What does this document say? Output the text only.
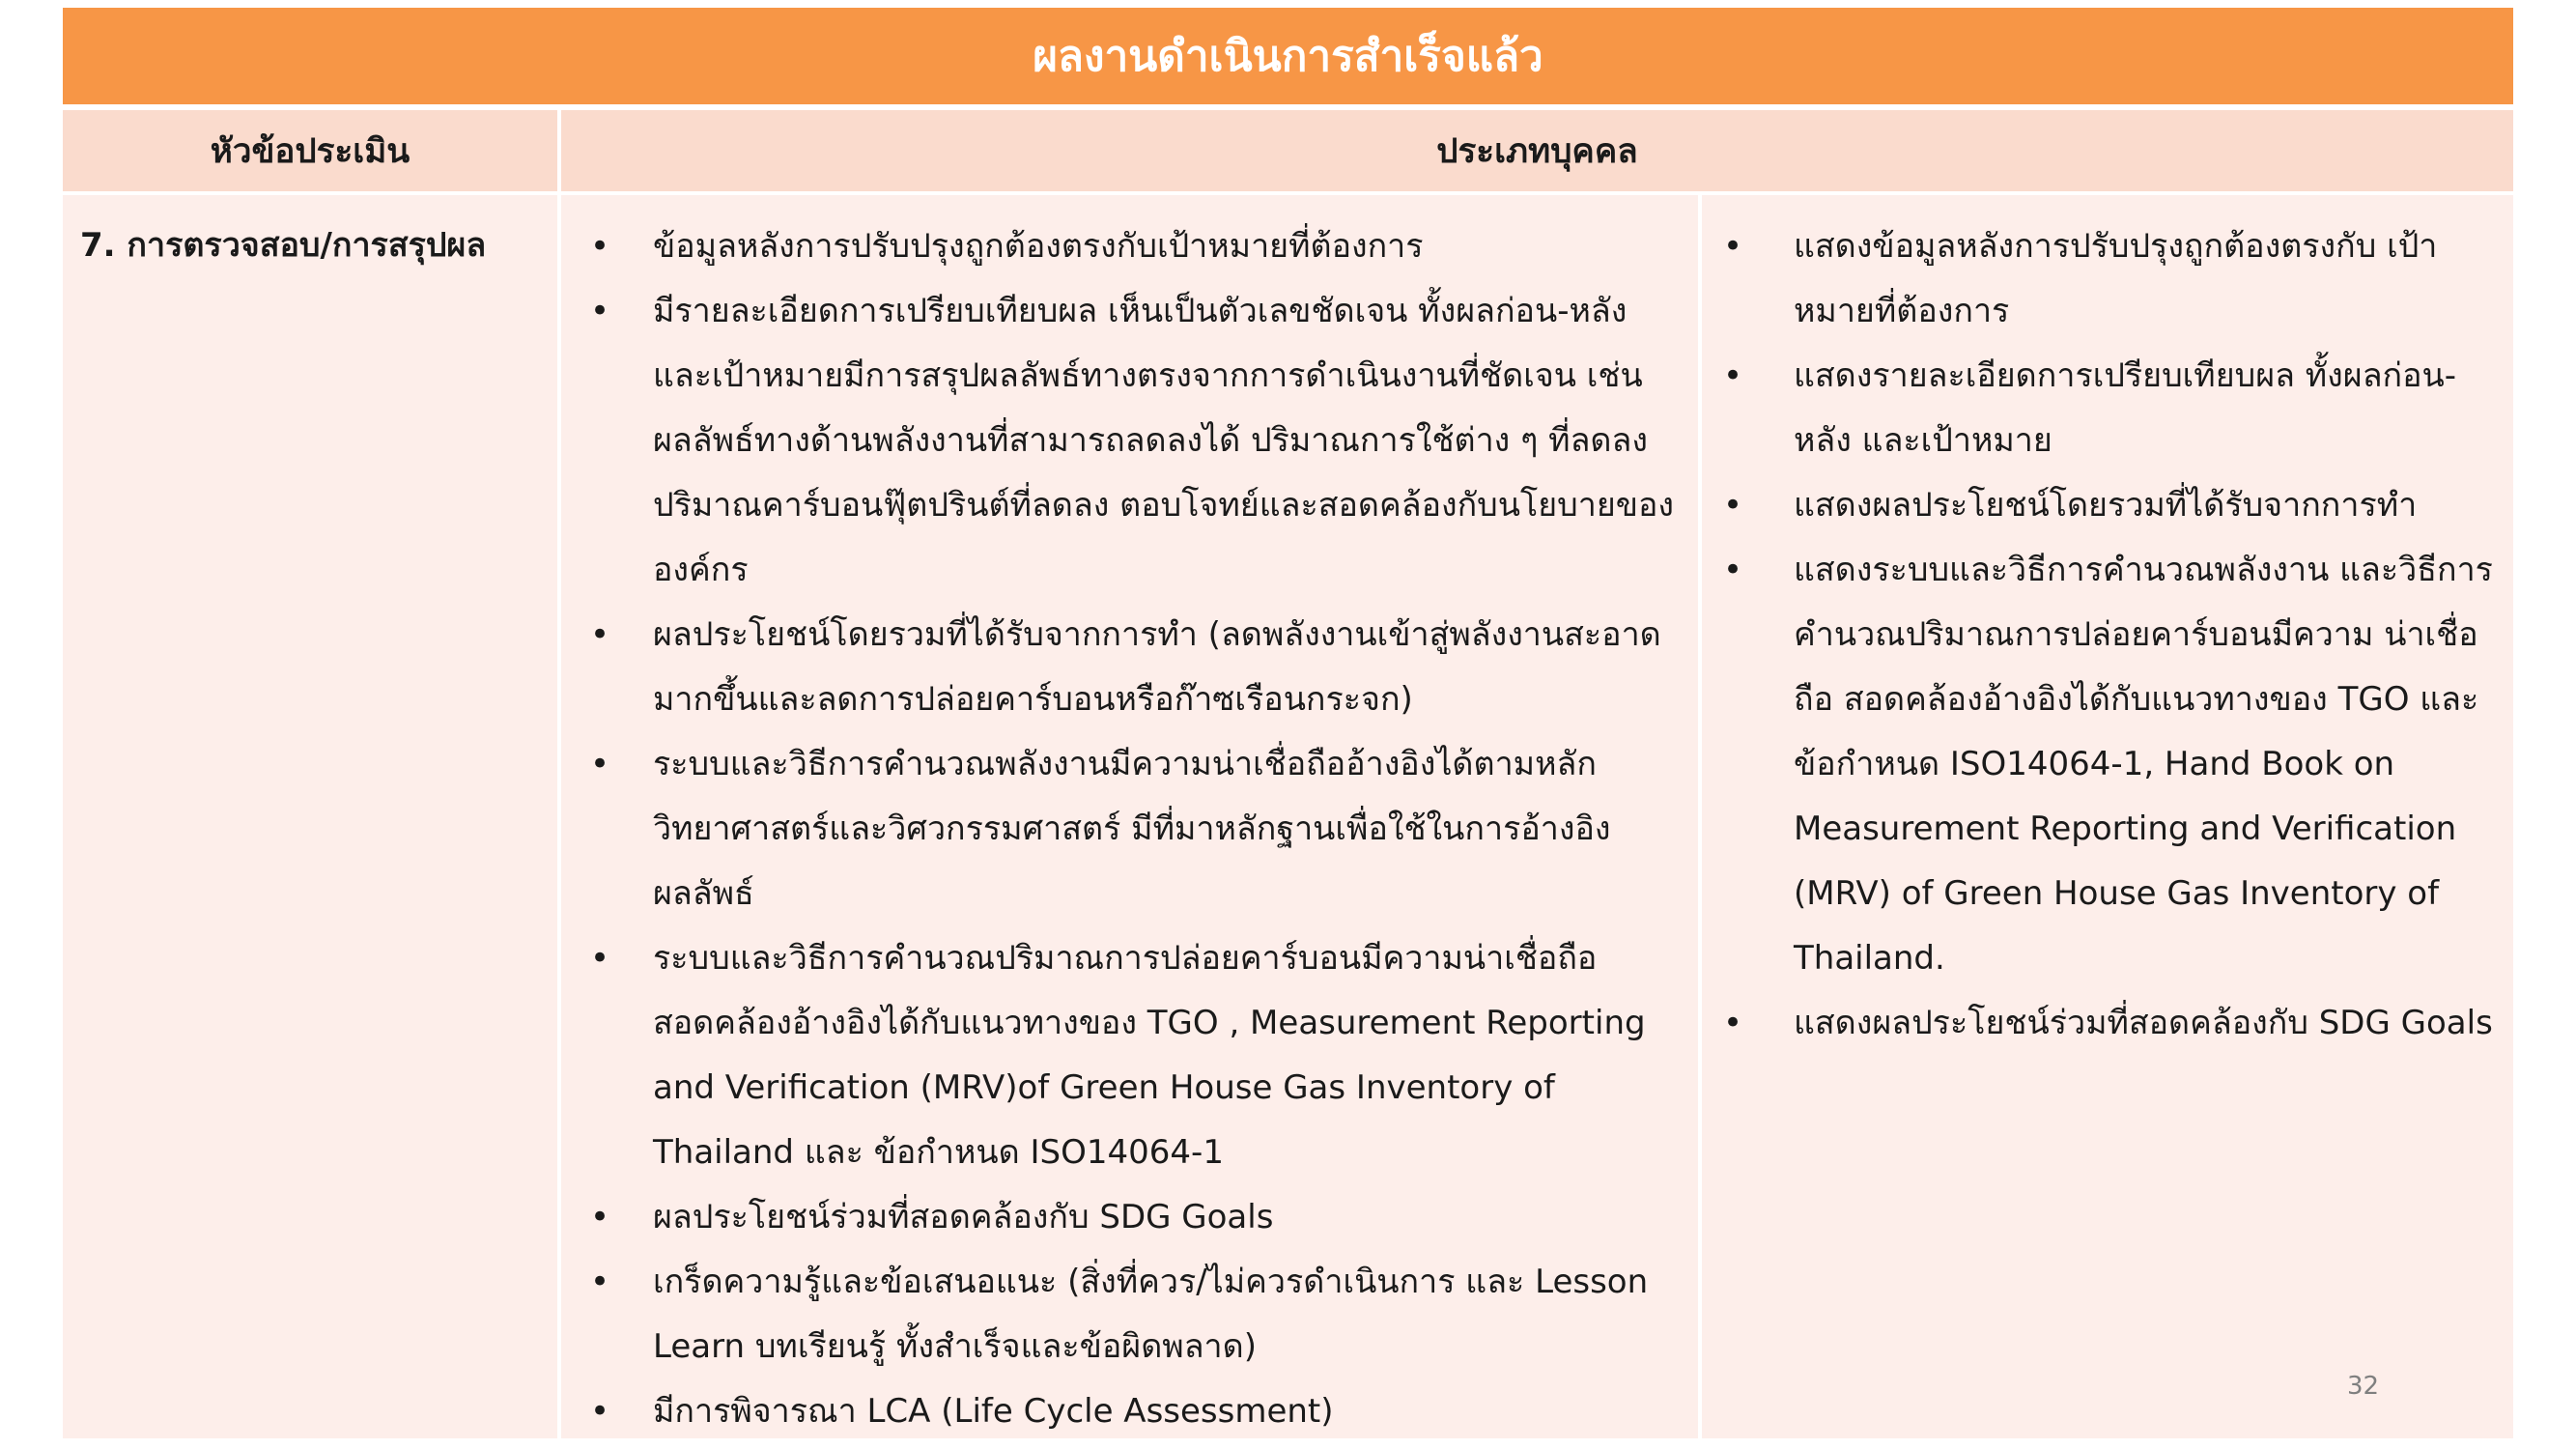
ผลงานดำเนินการสำเร็จแล้ว
หัวข้อประเมิน	ประเภทบุคคล
7. การตรวจสอบ/การสรุปผล	• ข้อมูลหลังการปรับปรุงถูกต้องตรงกับเป้าหมายที่ต้องการ
• มีรายละเอียดการเปรียบเทียบผล เห็นเป็นตัวเลขชัดเจน ทั้งผลก่อน-หลัง และเป้าหมายมีการสรุปผลลัพธ์ทางตรงจากการดำเนินงานที่ชัดเจน เช่น ผลลัพธ์ทางด้านพลังงานที่สามารถลดลงได้ ปริมาณการใช้ต่าง ๆ ที่ลดลง ปริมาณคาร์บอนฟุ๊ตปรินต์ที่ลดลง ตอบโจทย์และสอดคล้องกับนโยบายของ องค์กร
• ผลประโยชน์โดยรวมที่ได้รับจากการทำ (ลดพลังงานเข้าสู่พลังงานสะอาด มากขึ้นและลดการปล่อยคาร์บอนหรือก๊าซเรือนกระจก)
• ระบบและวิธีการคำนวณพลังงานมีความน่าเชื่อถืออ้างอิงได้ตามหลัก วิทยาศาสตร์และวิศวกรรมศาสตร์ มีที่มาหลักฐานเพื่อใช้ในการอ้างอิง ผลลัพธ์
• ระบบและวิธีการคำนวณปริมาณการปล่อยคาร์บอนมีความน่าเชื่อถือ สอดคล้องอ้างอิงได้กับแนวทางของ TGO , Measurement Reporting and Verification (MRV)of Green House Gas Inventory of Thailand และ ข้อกำหนด ISO14064-1
• ผลประโยชน์ร่วมที่สอดคล้องกับ SDG Goals
• เกร็ดความรู้และข้อเสนอแนะ (สิ่งที่ควร/ไม่ควรดำเนินการ และ Lesson Learn บทเรียนรู้ ทั้งสำเร็จและข้อผิดพลาด)
• มีการพิจารณา LCA (Life Cycle Assessment)
• แสดงข้อมูลหลังการปรับปรุงถูกต้องตรงกับ เป้าหมายที่ต้องการ
• แสดงรายละเอียดการเปรียบเทียบผล ทั้งผลก่อน- หลัง และเป้าหมาย
• แสดงผลประโยชน์โดยรวมที่ได้รับจากการทำ
• แสดงระบบและวิธีการคำนวณพลังงาน และวิธีการ คำนวณปริมาณการปล่อยคาร์บอนมีความ น่าเชื่อถือ สอดคล้องอ้างอิงได้กับแนวทางของ TGO และ ข้อกำหนด ISO14064-1, Hand Book on Measurement Reporting and Verification (MRV) of Green House Gas Inventory of Thailand.
• แสดงผลประโยชน์ร่วมที่สอดคล้องกับ SDG Goals
32
